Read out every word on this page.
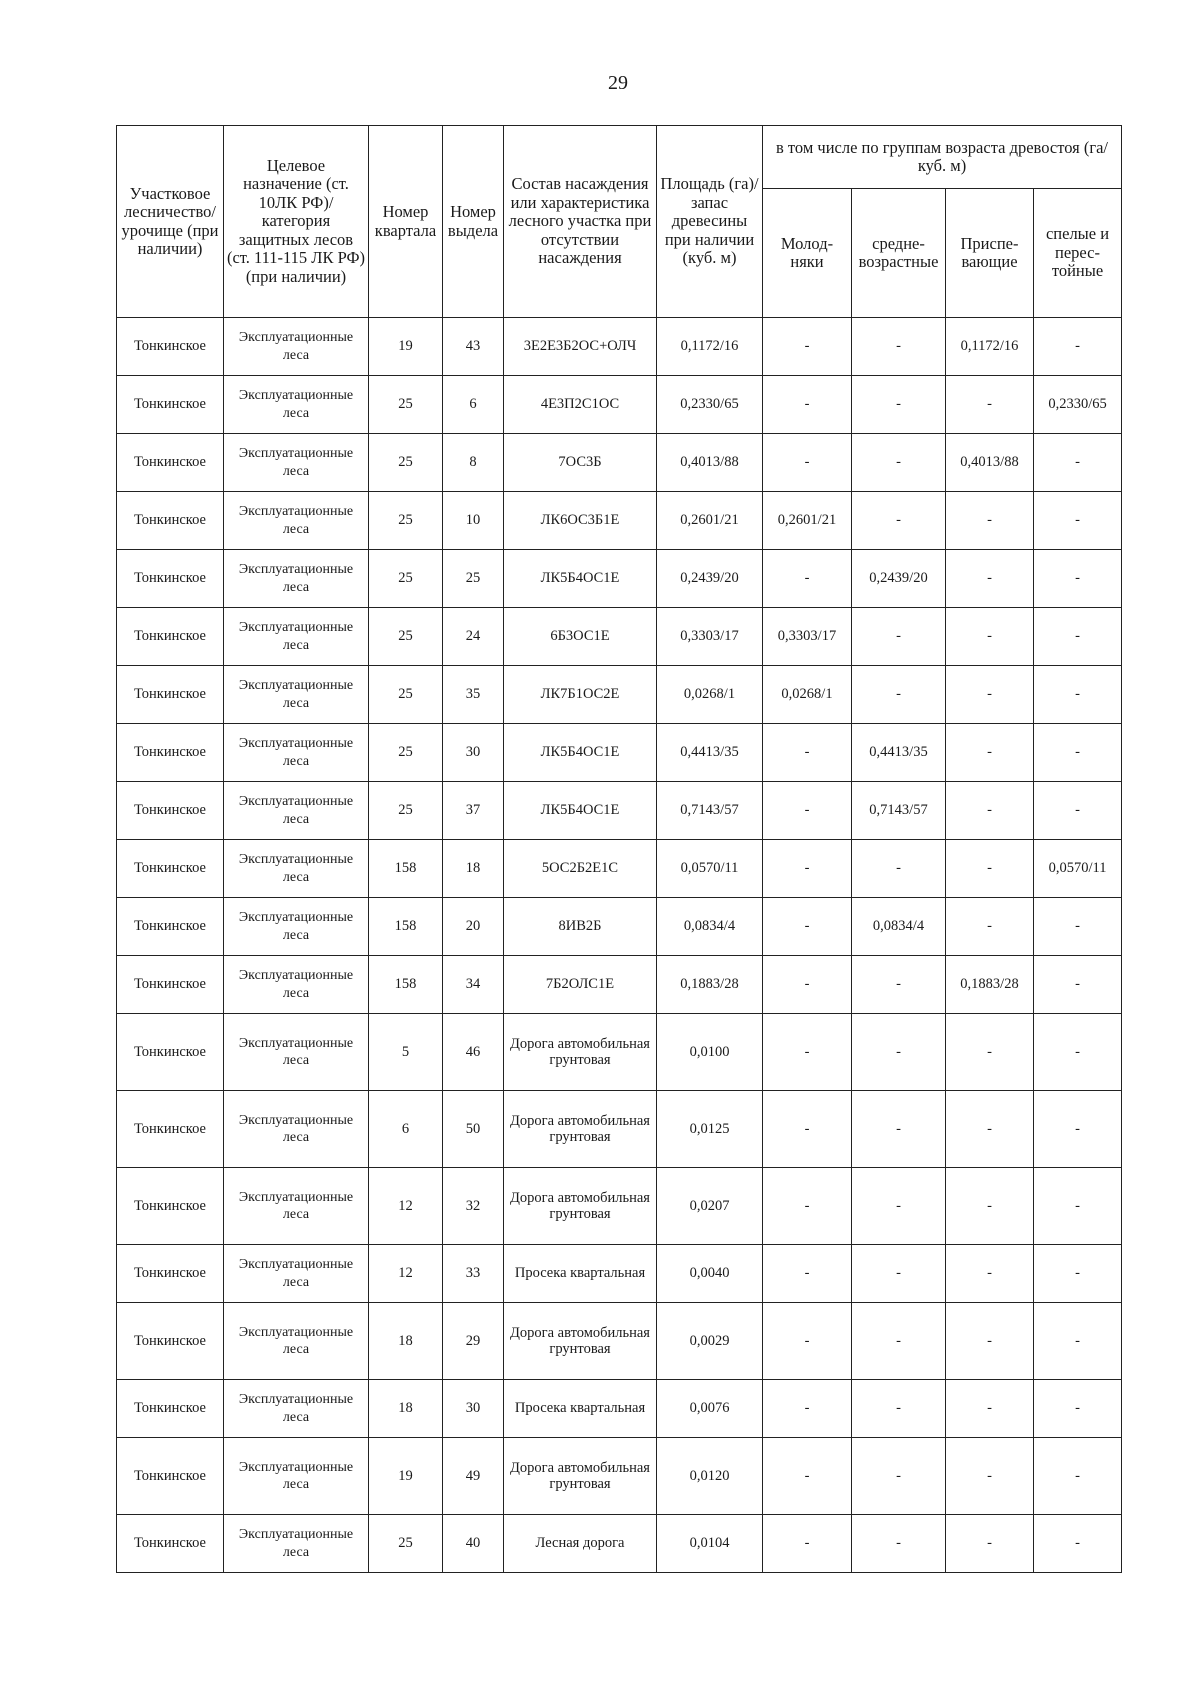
29
Участковое лесничество/ урочище (при наличии)	Целевое назначение (ст. 10ЛК РФ)/ категория защитных лесов (ст. 111-115 ЛК РФ) (при наличии)	Номер квартала	Номер выдела	Состав насаждения или характеристика лесного участка при отсутствии насаждения	Площадь (га)/ запас древесины при наличии (куб. м)	в том числе по группам возраста древостоя (га/куб. м)			
						Молод-няки	средне-возрастные	Приспе-вающие	спелые и перес-тойные
Тонкинское	Эксплуатационные леса	19	43	3Е2Е3Б2ОС+ОЛЧ	0,1172/16	-	-	0,1172/16	-
Тонкинское	Эксплуатационные леса	25	6	4Е3П2С1ОС	0,2330/65	-	-	-	0,2330/65
Тонкинское	Эксплуатационные леса	25	8	7ОС3Б	0,4013/88	-	-	0,4013/88	-
Тонкинское	Эксплуатационные леса	25	10	ЛК6ОС3Б1Е	0,2601/21	0,2601/21	-	-	-
Тонкинское	Эксплуатационные леса	25	25	ЛК5Б4ОС1Е	0,2439/20	-	0,2439/20	-	-
Тонкинское	Эксплуатационные леса	25	24	6Б3ОС1Е	0,3303/17	0,3303/17	-	-	-
Тонкинское	Эксплуатационные леса	25	35	ЛК7Б1ОС2Е	0,0268/1	0,0268/1	-	-	-
Тонкинское	Эксплуатационные леса	25	30	ЛК5Б4ОС1Е	0,4413/35	-	0,4413/35	-	-
Тонкинское	Эксплуатационные леса	25	37	ЛК5Б4ОС1Е	0,7143/57	-	0,7143/57	-	-
Тонкинское	Эксплуатационные леса	158	18	5ОС2Б2Е1С	0,0570/11	-	-	-	0,0570/11
Тонкинское	Эксплуатационные леса	158	20	8ИВ2Б	0,0834/4	-	0,0834/4	-	-
Тонкинское	Эксплуатационные леса	158	34	7Б2ОЛС1Е	0,1883/28	-	-	0,1883/28	-
Тонкинское	Эксплуатационные леса	5	46	Дорога автомобильная грунтовая	0,0100	-	-	-	-
Тонкинское	Эксплуатационные леса	6	50	Дорога автомобильная грунтовая	0,0125	-	-	-	-
Тонкинское	Эксплуатационные леса	12	32	Дорога автомобильная грунтовая	0,0207	-	-	-	-
Тонкинское	Эксплуатационные леса	12	33	Просека квартальная	0,0040	-	-	-	-
Тонкинское	Эксплуатационные леса	18	29	Дорога автомобильная грунтовая	0,0029	-	-	-	-
Тонкинское	Эксплуатационные леса	18	30	Просека квартальная	0,0076	-	-	-	-
Тонкинское	Эксплуатационные леса	19	49	Дорога автомобильная грунтовая	0,0120	-	-	-	-
Тонкинское	Эксплуатационные леса	25	40	Лесная дорога	0,0104	-	-	-	-
